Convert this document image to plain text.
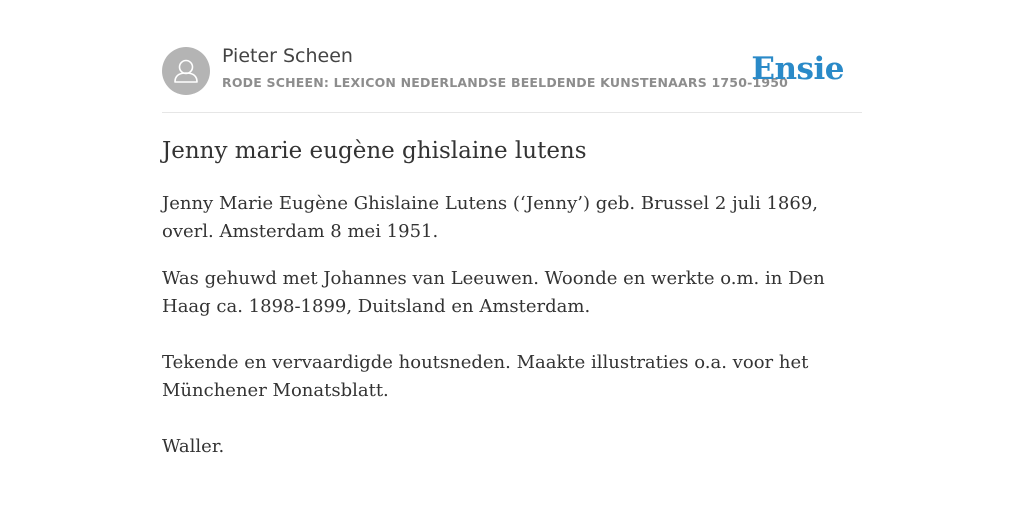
Pieter Scheen
RODE SCHEEN: LEXICON NEDERLANDSE BEELDENDE KUNSTENAARS 1750-1950
Ensie
Jenny marie eugène ghislaine lutens

Jenny Marie Eugène Ghislaine Lutens (‘Jenny’) geb. Brussel 2 juli 1869, overl. Amsterdam 8 mei 1951.

Was gehuwd met Johannes van Leeuwen. Woonde en werkte o.m. in Den Haag ca. 1898-1899, Duitsland en Amsterdam.

Tekende en vervaardigde houtsneden. Maakte illustraties o.a. voor het Münchener Monatsblatt.

Waller.
